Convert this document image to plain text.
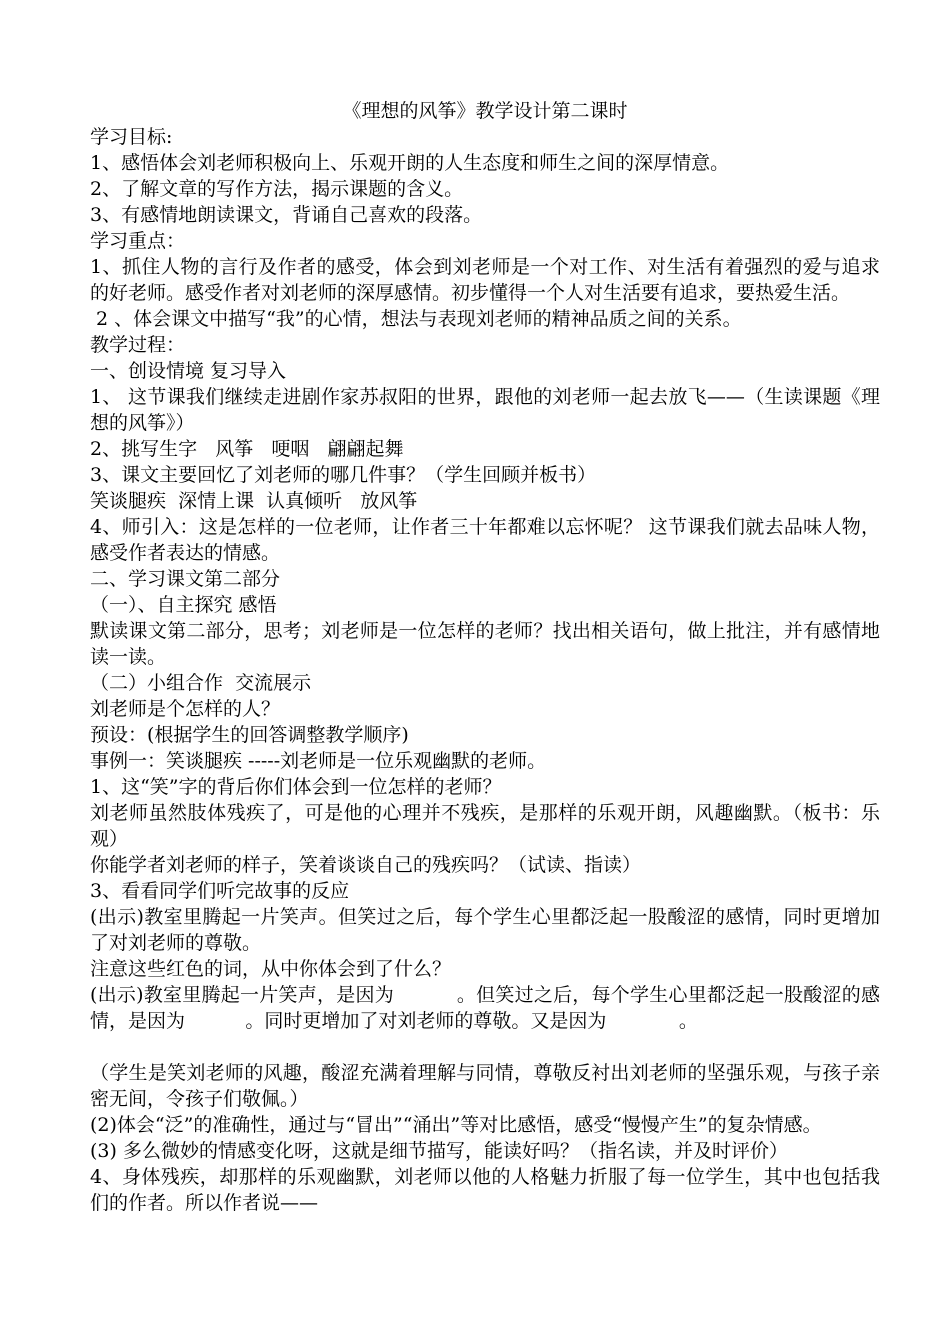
《理想的风筝》教学设计第二课时

学习目标:

1、感悟体会刘老师积极向上、乐观开朗的人生态度和师生之间的深厚情意。

2、了解文章的写作方法，揭示课题的含义。

3、有感情地朗读课文，背诵自己喜欢的段落。

学习重点：

1、抓住人物的言行及作者的感受，体会到刘老师是一个对工作、对生活有着强烈的爱与追求的好老师。感受作者对刘老师的深厚感情。初步懂得一个人对生活要有追求，要热爱生活。

2 、体会课文中描写“我”的心情，想法与表现刘老师的精神品质之间的关系。

教学过程：

一、创设情境 复习导入

1、 这节课我们继续走进剧作家苏叔阳的世界，跟他的刘老师一起去放飞——（生读课题《理想的风筝》）

2、挑写生字   风筝   哽咽   翩翩起舞

3、课文主要回忆了刘老师的哪几件事？（学生回顾并板书）

笑谈腿疾  深情上课  认真倾听   放风筝

4、师引入：这是怎样的一位老师，让作者三十年都难以忘怀呢？ 这节课我们就去品味人物，感受作者表达的情感。

二、学习课文第二部分

（一）、自主探究 感悟

默读课文第二部分，思考；刘老师是一位怎样的老师？找出相关语句，做上批注，并有感情地读一读。

（二）小组合作  交流展示

刘老师是个怎样的人？

预设：(根据学生的回答调整教学顺序)

事例一：笑谈腿疾 -----刘老师是一位乐观幽默的老师。

1、这“笑”字的背后你们体会到一位怎样的老师？

刘老师虽然肢体残疾了，可是他的心理并不残疾，是那样的乐观开朗，风趣幽默。（板书：乐观）

你能学者刘老师的样子，笑着谈谈自己的残疾吗？（试读、指读）

3、看看同学们听完故事的反应

(出示)教室里腾起一片笑声。但笑过之后，每个学生心里都泛起一股酸涩的感情，同时更增加了对刘老师的尊敬。

注意这些红色的词，从中你体会到了什么？

(出示)教室里腾起一片笑声，是因为          。但笑过之后，每个学生心里都泛起一股酸涩的感情，是因为          。同时更增加了对刘老师的尊敬。又是因为            。

（学生是笑刘老师的风趣，酸涩充满着理解与同情，尊敬反衬出刘老师的坚强乐观，与孩子亲密无间，令孩子们敬佩。）

(2)体会“泛”的准确性，通过与“冒出”“涌出”等对比感悟，感受“慢慢产生”的复杂情感。

(3) 多么微妙的情感变化呀，这就是细节描写，能读好吗？（指名读，并及时评价）

4、身体残疾，却那样的乐观幽默，刘老师以他的人格魅力折服了每一位学生，其中也包括我们的作者。所以作者说——
